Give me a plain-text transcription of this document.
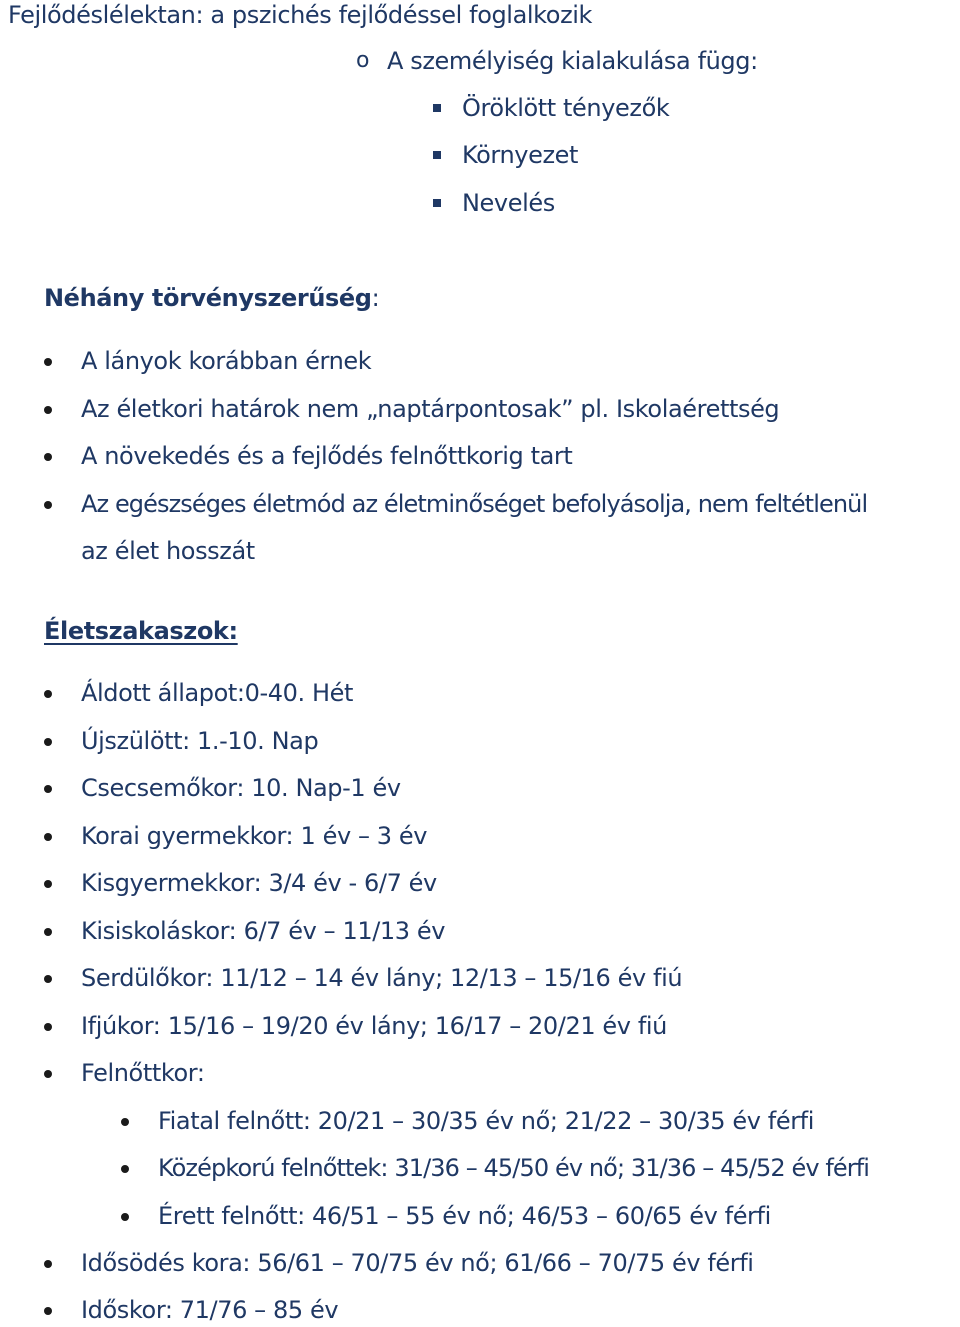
Fejlődéslélektan: a pszichés fejlődéssel foglalkozik
o A személyiség kialakulása függ:
Öröklött tényezők
Környezet
Nevelés
Néhány törvényszerűség:
A lányok korábban érnek
Az életkori határok nem „naptárpontosak” pl. Iskolaérettség
A növekedés és a fejlődés felnőttkorig tart
Az egészséges életmód az életminőséget befolyásolja, nem feltétlenül
az élet hosszát
Életszakaszok:
Áldott állapot:0-40. Hét
Újszülött: 1.-10. Nap
Csecsemőkor: 10. Nap-1 év
Korai gyermekkor: 1 év – 3 év
Kisgyermekkor: 3/4 év - 6/7 év
Kisiskoláskor: 6/7 év – 11/13 év
Serdülőkor: 11/12 – 14 év lány; 12/13 – 15/16 év fiú
Ifjúkor: 15/16 – 19/20 év lány; 16/17 – 20/21 év fiú
Felnőttkor:
Fiatal felnőtt: 20/21 – 30/35 év nő; 21/22 – 30/35 év férfi
Középkorú felnőttek: 31/36 – 45/50 év nő; 31/36 – 45/52 év férfi
Érett felnőtt: 46/51 – 55 év nő; 46/53 – 60/65 év férfi
Idősödés kora: 56/61 – 70/75 év nő; 61/66 – 70/75 év férfi
Időskor: 71/76 – 85 év
